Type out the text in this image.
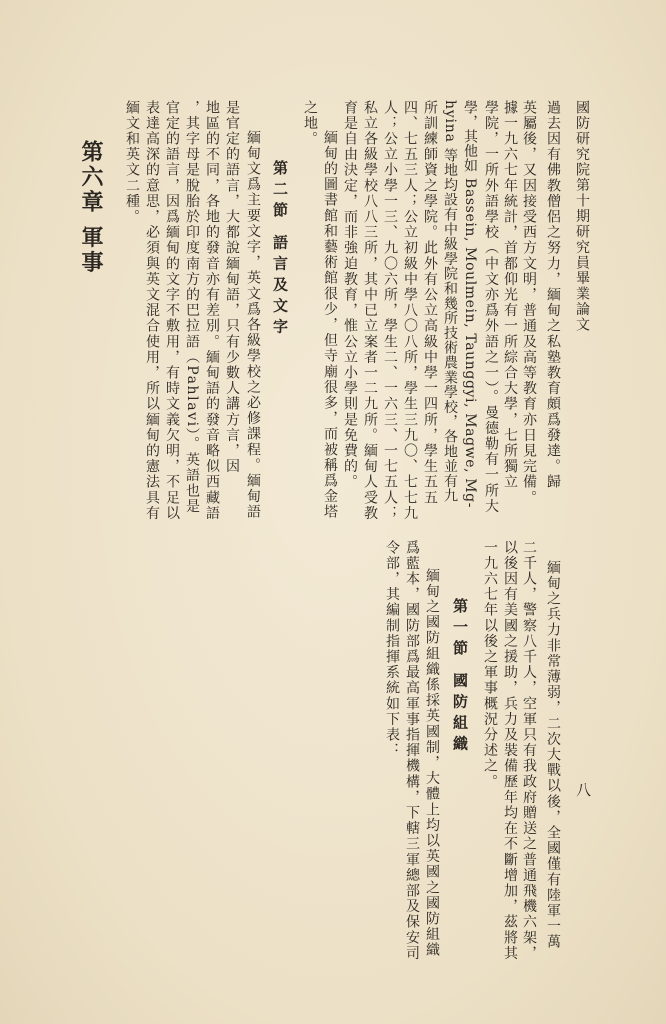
國防研究院第十期研究員畢業論文
八
過去因有佛教僧侶之努力，緬甸之私塾教育頗爲發達。歸
英屬後，又因接受西方文明，普通及高等教育亦日見完備。
據一九六七年統計，首都仰光有一所綜合大學，七所獨立
學院，一所外語學校（中文亦爲外語之一）。曼德勒有一所大
學，其他如 Bassein, Moulmein, Taunggyi, Magwe, Mg-
hyina 等地均設有中級學院和幾所技術農業學校，各地並有九
所訓練師資之學院。此外有公立高級中學一四所，學生五五
四、七五三人；公立初級中學八〇八所，學生三九〇、七七九
人；公立小學一三、九〇六所，學生二、一六三、一七五人；
私立各級學校八八三所，其中已立案者一二九所。緬甸人受教
育是自由決定，而非強迫教育，惟公立小學則是免費的。
緬甸的圖書館和藝術館很少，但寺廟很多，而被稱爲金塔
之地。
第二節 語言及文字
緬甸文爲主要文字，英文爲各級學校之必修課程。緬甸語
是官定的語言，大都說緬甸語，只有少數人講方言，因
地區的不同，各地的發音亦有差別。緬甸語的發音略似西藏語
，其字母是脫胎於印度南方的巴拉語（Pahlavi）。英語也是
官定的語言，因爲緬甸的文字不敷用，有時文義欠明，不足以
表達高深的意思，必須與英文混合使用，所以緬甸的憲法具有
緬文和英文二種。
第六章 軍事
緬甸之兵力非常薄弱，二次大戰以後，全國僅有陸軍一萬
二千人，警察八千人，空軍只有我政府贈送之普通飛機六架，
以後因有美國之援助，兵力及裝備歷年均在不斷增加，茲將其
一九六七年以後之軍事概況分述之。
第一節 國防組織
緬甸之國防組織係採英國制，大體上均以英國之國防組織
爲藍本，國防部爲最高軍事指揮機構，下轄三軍總部及保安司
令部，其編制指揮系統如下表：
